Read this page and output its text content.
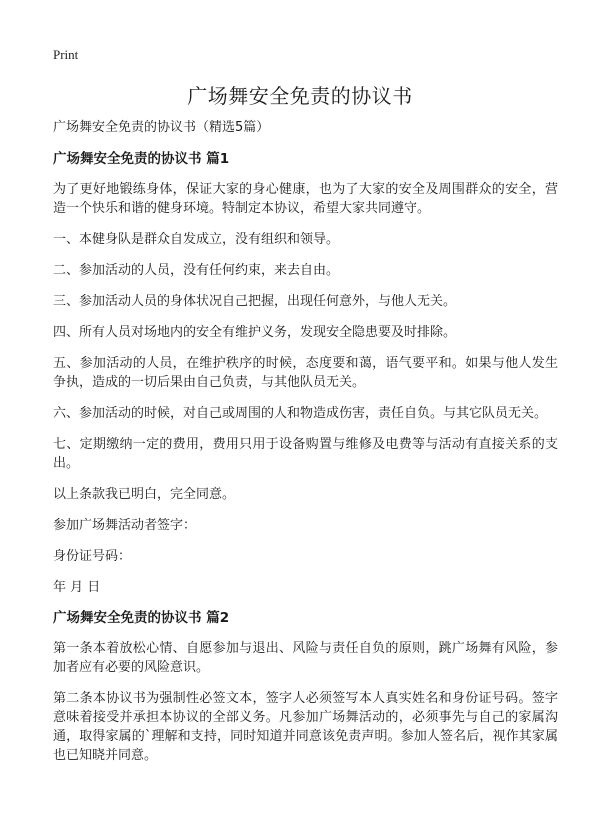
Print
广场舞安全免责的协议书

广场舞安全免责的协议书（精选5篇）

广场舞安全免责的协议书 篇1

为了更好地锻练身体，保证大家的身心健康，也为了大家的安全及周围群众的安全，营造一个快乐和谐的健身环境。特制定本协议，希望大家共同遵守。

一、本健身队是群众自发成立，没有组织和领导。

二、参加活动的人员，没有任何约束，来去自由。

三、参加活动人员的身体状况自己把握，出现任何意外，与他人无关。

四、所有人员对场地内的安全有维护义务，发现安全隐患要及时排除。

五、参加活动的人员，在维护秩序的时候，态度要和蔼，语气要平和。如果与他人发生争执，造成的一切后果由自己负责，与其他队员无关。

六、参加活动的时候，对自己或周围的人和物造成伤害，责任自负。与其它队员无关。

七、定期缴纳一定的费用，费用只用于设备购置与维修及电费等与活动有直接关系的支出。

以上条款我已明白，完全同意。

参加广场舞活动者签字：

身份证号码：

年 月 日

广场舞安全免责的协议书 篇2

第一条本着放松心情、自愿参加与退出、风险与责任自负的原则，跳广场舞有风险，参加者应有必要的风险意识。

第二条本协议书为强制性必签文本，签字人必须签写本人真实姓名和身份证号码。签字意味着接受并承担本协议的全部义务。凡参加广场舞活动的，必须事先与自己的家属沟通，取得家属的`理解和支持，同时知道并同意该免责声明。参加人签名后，视作其家属也已知晓并同意。
